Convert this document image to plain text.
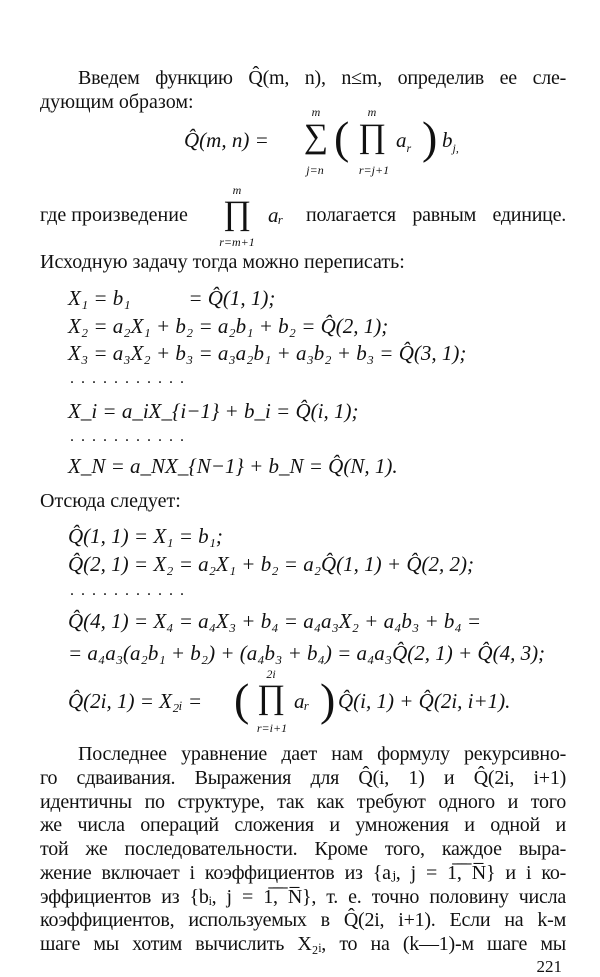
Введем функцию Q̂(m, n), n≤m, определив ее сле-
дующим образом:
Q̂(m, n) =
m
∑
j=n
(	m
∏
r=j+1
$a_r$ ) $b_{j,}$
где произведение
m
∏
r=m+1
aᵣ полагается равным единице.
Исходную задачу тогда можно переписать:
X₁ = b₁           = Q̂(1, 1);
X₂ = a₂X₁ + b₂ = a₂b₁ + b₂ = Q̂(2, 1);
X₃ = a₃X₂ + b₃ = a₃a₂b₁ + a₃b₂ + b₃ = Q̂(3, 1);
...........
X_i = a_iX_{i−1} + b_i = Q̂(i, 1);
...........
X_N = a_NX_{N−1} + b_N = Q̂(N, 1).
Отсюда следует:
Q̂(1, 1) = X₁ = b₁;
Q̂(2, 1) = X₂ = a₂X₁ + b₂ = a₂Q̂(1, 1) + Q̂(2, 2);
...........
Q̂(4, 1) = X₄ = a₄X₃ + b₄ = a₄a₃X₂ + a₄b₃ + b₄ =
= a₄a₃(a₂b₁ + b₂) + (a₄b₃ + b₄) = a₄a₃Q̂(2, 1) + Q̂(4, 3);
Q̂(2i, 1) = X₂ᵢ = (	2i
∏
r=i+1
aᵣ ) Q̂(i, 1) + Q̂(2i, i+1).
Последнее уравнение дает нам формулу рекурсивно-
го сдваивания. Выражения для Q̂(i, 1) и Q̂(2i, i+1)
идентичны по структуре, так как требуют одного и того
же числа операций сложения и умножения и одной и
той же последовательности. Кроме того, каждое выра-
жение включает i коэффициентов из {aⱼ, j = 1̅,̅ ̅N̅} и i ко-
эффициентов из {bᵢ, j = 1̅,̅ ̅N̅}, т. е. точно половину числа
коэффициентов, используемых в Q̂(2i, i+1). Если на k-м
шаге мы хотим вычислить X₂ᵢ, то на (k—1)-м шаге мы
221
